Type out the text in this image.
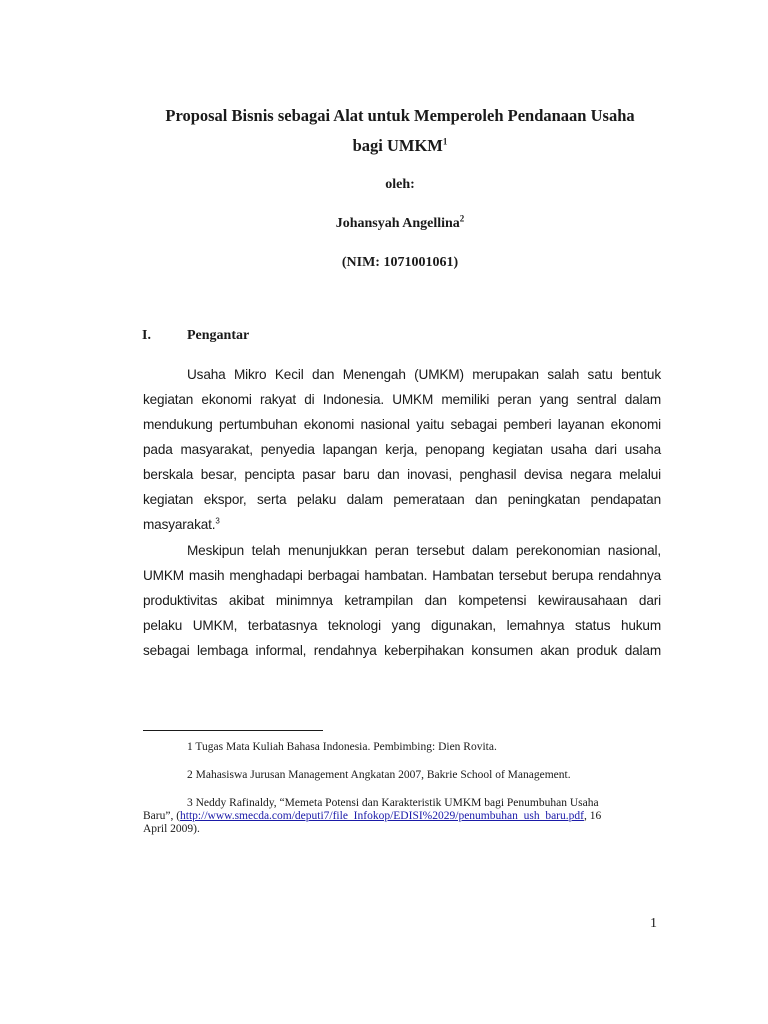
Proposal Bisnis sebagai Alat untuk Memperoleh Pendanaan Usaha
bagi UMKM$^1$
oleh:
Johansyah Angellina$^2$
(NIM: 1071001061)
I.	Pengantar
Usaha Mikro Kecil dan Menengah (UMKM) merupakan salah satu bentuk
kegiatan ekonomi rakyat di Indonesia. UMKM memiliki peran yang sentral dalam
mendukung pertumbuhan ekonomi nasional yaitu sebagai pemberi layanan ekonomi
pada masyarakat, penyedia lapangan kerja, penopang kegiatan usaha dari usaha
berskala besar, pencipta pasar baru dan inovasi, penghasil devisa negara melalui
kegiatan ekspor, serta pelaku dalam pemerataan dan peningkatan pendapatan
masyarakat.$^3$
Meskipun telah menunjukkan peran tersebut dalam perekonomian nasional,
UMKM masih menghadapi berbagai hambatan. Hambatan tersebut berupa rendahnya
produktivitas akibat minimnya ketrampilan dan kompetensi kewirausahaan dari
pelaku UMKM, terbatasnya teknologi yang digunakan, lemahnya status hukum
sebagai lembaga informal, rendahnya keberpihakan konsumen akan produk dalam
1 Tugas Mata Kuliah Bahasa Indonesia. Pembimbing: Dien Rovita.
2 Mahasiswa Jurusan Management Angkatan 2007, Bakrie School of Management.
3 Neddy Rafinaldy, “Memeta Potensi dan Karakteristik UMKM bagi Penumbuhan Usaha
Baru”, (http://www.smecda.com/deputi7/file_Infokop/EDISI%2029/penumbuhan_ush_baru.pdf, 16
April 2009).
1
